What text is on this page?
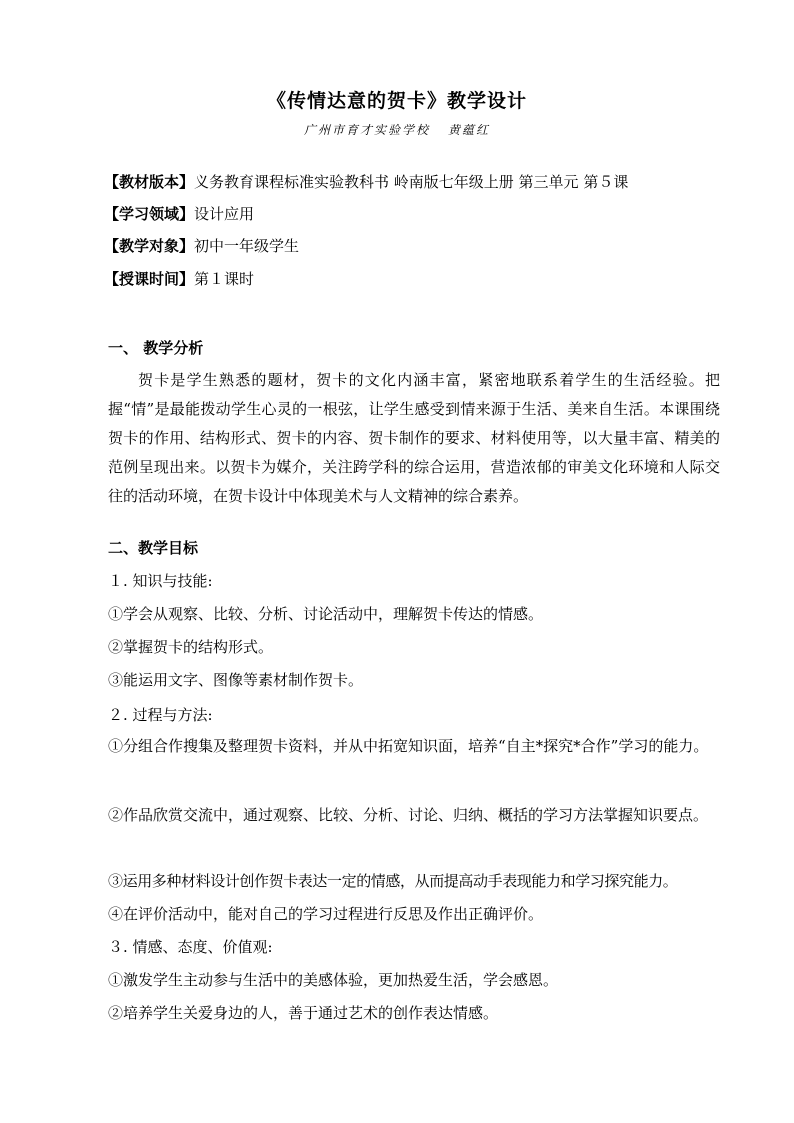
《传情达意的贺卡》教学设计
广州市育才实验学校 黄蕴红
【教材版本】义务教育课程标准实验教科书 岭南版七年级上册 第三单元 第５课
【学习领域】设计应用
【教学对象】初中一年级学生
【授课时间】第１课时
一、 教学分析
贺卡是学生熟悉的题材，贺卡的文化内涵丰富，紧密地联系着学生的生活经验。把握“情”是最能拨动学生心灵的一根弦，让学生感受到情来源于生活、美来自生活。本课围绕贺卡的作用、结构形式、贺卡的内容、贺卡制作的要求、材料使用等，以大量丰富、精美的范例呈现出来。以贺卡为媒介，关注跨学科的综合运用，营造浓郁的审美文化环境和人际交往的活动环境，在贺卡设计中体现美术与人文精神的综合素养。
二、教学目标
１. 知识与技能:
①学会从观察、比较、分析、讨论活动中，理解贺卡传达的情感。
②掌握贺卡的结构形式。
③能运用文字、图像等素材制作贺卡。
２. 过程与方法:
①分组合作搜集及整理贺卡资料，并从中拓宽知识面，培养“自主*探究*合作”学习的能力。
②作品欣赏交流中，通过观察、比较、分析、讨论、归纳、概括的学习方法掌握知识要点。
③运用多种材料设计创作贺卡表达一定的情感，从而提高动手表现能力和学习探究能力。
④在评价活动中，能对自己的学习过程进行反思及作出正确评价。
３. 情感、态度、价值观:
①激发学生主动参与生活中的美感体验，更加热爱生活，学会感恩。
②培养学生关爱身边的人，善于通过艺术的创作表达情感。
